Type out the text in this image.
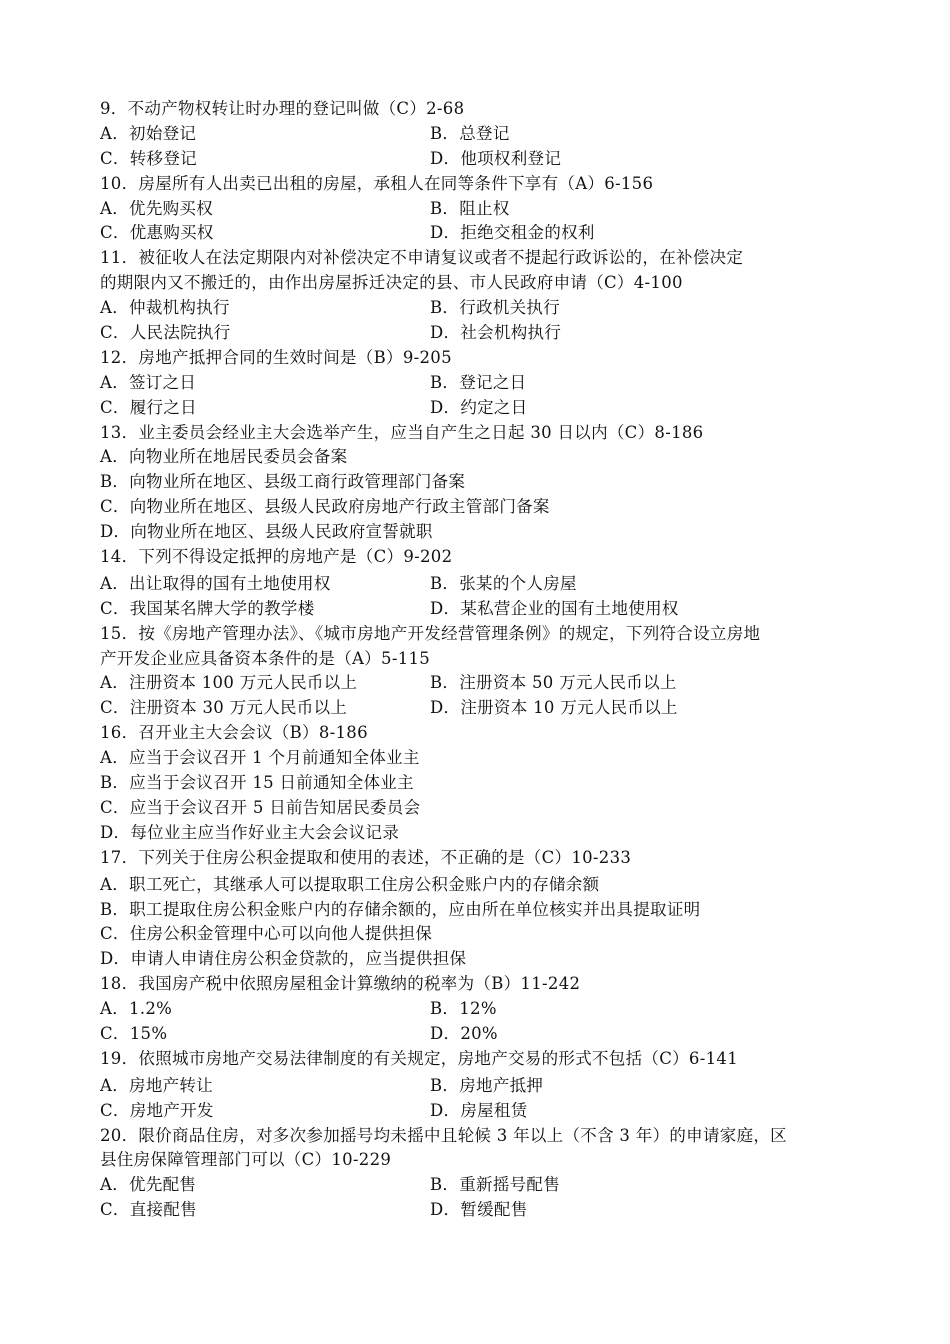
9．不动产物权转让时办理的登记叫做（C）2-68
A．初始登记	B．总登记
C．转移登记	D．他项权利登记
10．房屋所有人出卖已出租的房屋，承租人在同等条件下享有（A）6-156
A．优先购买权	B．阻止权
C．优惠购买权	D．拒绝交租金的权利
11．被征收人在法定期限内对补偿决定不申请复议或者不提起行政诉讼的，在补偿决定
的期限内又不搬迁的，由作出房屋拆迁决定的县、市人民政府申请（C）4-100
A．仲裁机构执行	B．行政机关执行
C．人民法院执行	D．社会机构执行
12．房地产抵押合同的生效时间是（B）9-205
A．签订之日	B．登记之日
C．履行之日	D．约定之日
13．业主委员会经业主大会选举产生，应当自产生之日起 30 日以内（C）8-186
A．向物业所在地居民委员会备案
B．向物业所在地区、县级工商行政管理部门备案
C．向物业所在地区、县级人民政府房地产行政主管部门备案
D．向物业所在地区、县级人民政府宣誓就职
14．下列不得设定抵押的房地产是（C）9-202
A．出让取得的国有土地使用权	B．张某的个人房屋
C．我国某名牌大学的教学楼	D．某私营企业的国有土地使用权
15．按《房地产管理办法》、《城市房地产开发经营管理条例》的规定，下列符合设立房地
产开发企业应具备资本条件的是（A）5-115
A．注册资本 100 万元人民币以上	B．注册资本 50 万元人民币以上
C．注册资本 30 万元人民币以上	D．注册资本 10 万元人民币以上
16．召开业主大会会议（B）8-186
A．应当于会议召开 1 个月前通知全体业主
B．应当于会议召开 15 日前通知全体业主
C．应当于会议召开 5 日前告知居民委员会
D．每位业主应当作好业主大会会议记录
17．下列关于住房公积金提取和使用的表述，不正确的是（C）10-233
A．职工死亡，其继承人可以提取职工住房公积金账户内的存储余额
B．职工提取住房公积金账户内的存储余额的，应由所在单位核实并出具提取证明
C．住房公积金管理中心可以向他人提供担保
D．申请人申请住房公积金贷款的，应当提供担保
18．我国房产税中依照房屋租金计算缴纳的税率为（B）11-242
A．1.2%	B．12%
C．15%	D．20%
19．依照城市房地产交易法律制度的有关规定，房地产交易的形式不包括（C）6-141
A．房地产转让	B．房地产抵押
C．房地产开发	D．房屋租赁
20．限价商品住房，对多次参加摇号均未摇中且轮候 3 年以上（不含 3 年）的申请家庭，区
县住房保障管理部门可以（C）10-229
A．优先配售	B．重新摇号配售
C．直接配售	D．暂缓配售
